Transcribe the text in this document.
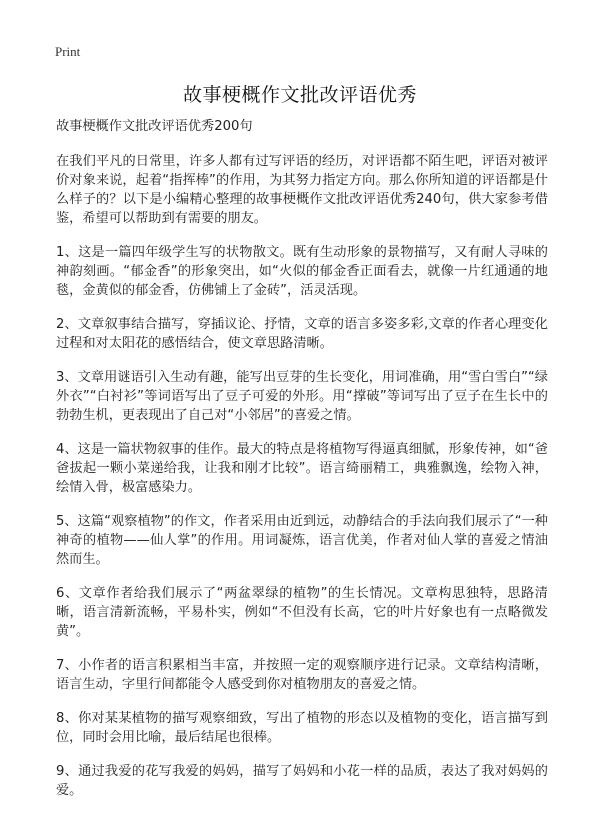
Print
故事梗概作文批改评语优秀

故事梗概作文批改评语优秀200句

在我们平凡的日常里，许多人都有过写评语的经历，对评语都不陌生吧，评语对被评价对象来说，起着“指挥棒”的作用，为其努力指定方向。那么你所知道的评语都是什么样子的？以下是小编精心整理的故事梗概作文批改评语优秀240句，供大家参考借鉴，希望可以帮助到有需要的朋友。

1、这是一篇四年级学生写的状物散文。既有生动形象的景物描写，又有耐人寻味的神韵刻画。“郁金香”的形象突出，如“火似的郁金香正面看去，就像一片红通通的地毯，金黄似的郁金香，仿佛铺上了金砖”，活灵活现。

2、文章叙事结合描写，穿插议论、抒情，文章的语言多姿多彩,文章的作者心理变化过程和对太阳花的感悟结合，使文章思路清晰。

3、文章用谜语引入生动有趣，能写出豆芽的生长变化，用词准确，用“雪白雪白”“绿外衣”“白衬衫”等词语写出了豆子可爱的外形。用“撑破”等词写出了豆子在生长中的勃勃生机，更表现出了自己对“小邻居”的喜爱之情。

4、这是一篇状物叙事的佳作。最大的特点是将植物写得逼真细腻，形象传神，如“爸爸拔起一颗小菜递给我，让我和刚才比较”。语言绮丽精工，典雅飘逸，绘物入神，绘情入骨，极富感染力。

5、这篇“观察植物”的作文，作者采用由近到远，动静结合的手法向我们展示了“一种神奇的植物——仙人掌”的作用。用词凝炼，语言优美，作者对仙人掌的喜爱之情油然而生。

6、文章作者给我们展示了“两盆翠绿的植物”的生长情况。文章构思独特，思路清晰，语言清新流畅，平易朴实，例如“不但没有长高，它的叶片好象也有一点略微发黄”。

7、小作者的语言积累相当丰富，并按照一定的观察顺序进行记录。文章结构清晰，语言生动，字里行间都能令人感受到你对植物朋友的喜爱之情。

8、你对某某植物的描写观察细致，写出了植物的形态以及植物的变化，语言描写到位，同时会用比喻，最后结尾也很棒。

9、通过我爱的花写我爱的妈妈，描写了妈妈和小花一样的品质，表达了我对妈妈的爱。
